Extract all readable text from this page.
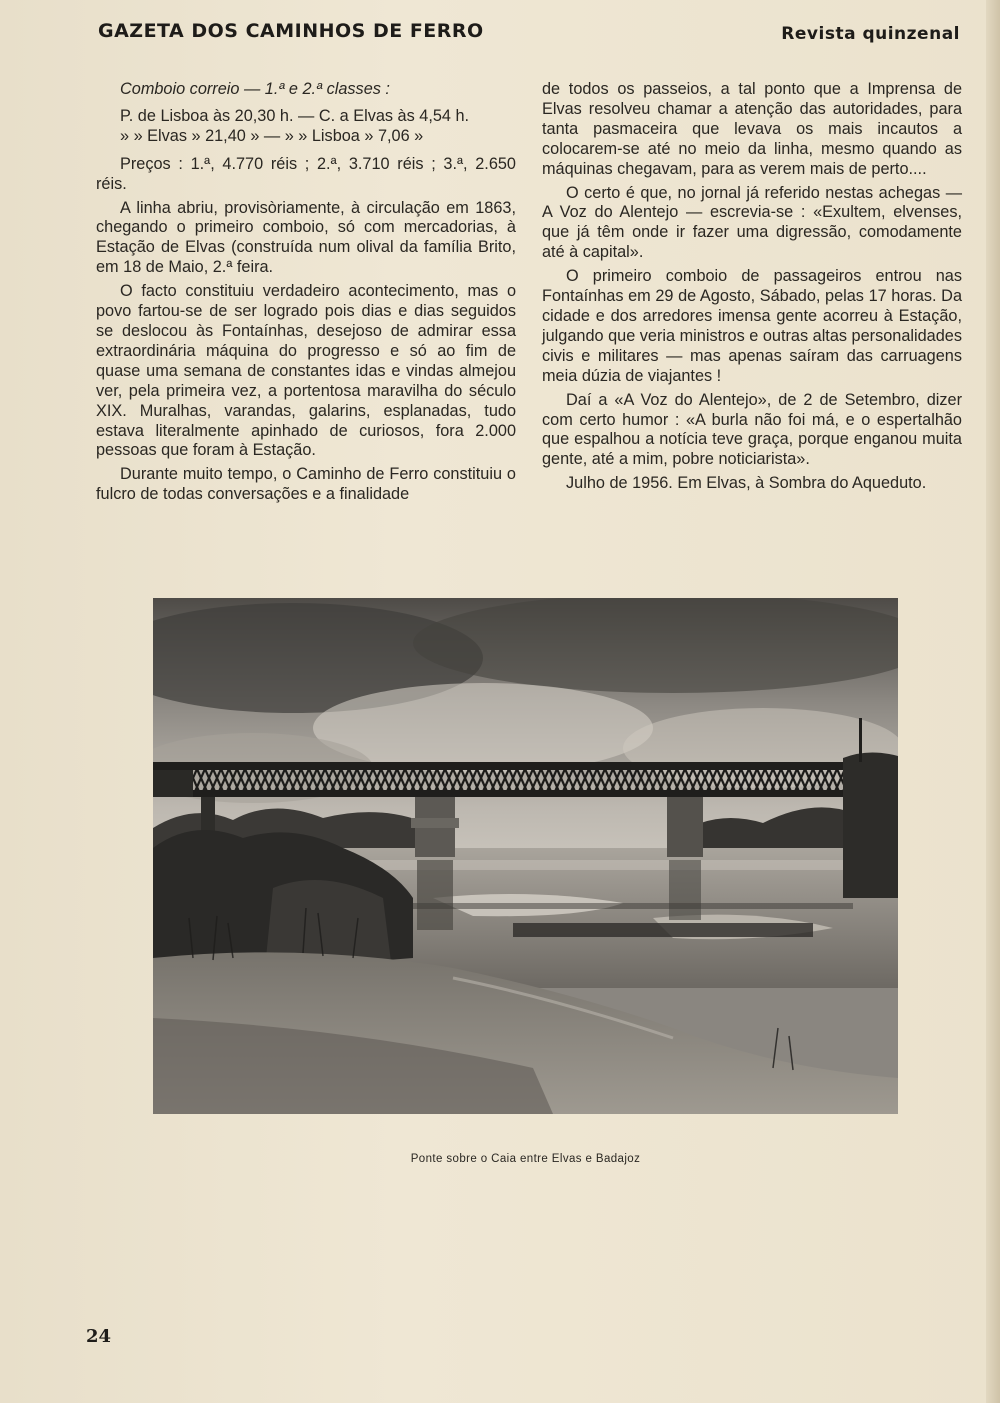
GAZETA DOS CAMINHOS DE FERRO	Revista quinzenal

Comboio correio — 1.ª e 2.ª classes :

P. de Lisboa às 20,30 h. — C. a Elvas às 4,54 h.
» » Elvas » 21,40 » — » » Lisboa » 7,06 »

Preços : 1.ª, 4.770 réis ; 2.ª, 3.710 réis ; 3.ª, 2.650 réis.

A linha abriu, provisòriamente, à circulação em 1863, chegando o primeiro comboio, só com mercadorias, à Estação de Elvas (construída num olival da família Brito, em 18 de Maio, 2.ª feira.

O facto constituiu verdadeiro acontecimento, mas o povo fartou-se de ser logrado pois dias e dias seguidos se deslocou às Fontaínhas, desejoso de admirar essa extraordinária máquina do progresso e só ao fim de quase uma semana de constantes idas e vindas almejou ver, pela primeira vez, a portentosa maravilha do século XIX. Muralhas, varandas, galarins, esplanadas, tudo estava literalmente apinhado de curiosos, fora 2.000 pessoas que foram à Estação.

Durante muito tempo, o Caminho de Ferro constituiu o fulcro de todas conversações e a finalidade

de todos os passeios, a tal ponto que a Imprensa de Elvas resolveu chamar a atenção das autoridades, para tanta pasmaceira que levava os mais incautos a colocarem-se até no meio da linha, mesmo quando as máquinas chegavam, para as verem mais de perto....

O certo é que, no jornal já referido nestas achegas — A Voz do Alentejo — escrevia-se : «Exultem, elvenses, que já têm onde ir fazer uma digressão, comodamente até à capital».

O primeiro comboio de passageiros entrou nas Fontaínhas em 29 de Agosto, Sábado, pelas 17 horas. Da cidade e dos arredores imensa gente acorreu à Estação, julgando que veria ministros e outras altas personalidades civis e militares — mas apenas saíram das carruagens meia dúzia de viajantes !

Daí a «A Voz do Alentejo», de 2 de Setembro, dizer com certo humor : «A burla não foi má, e o espertalhão que espalhou a notícia teve graça, porque enganou muita gente, até a mim, pobre noticiarista».

Julho de 1956. Em Elvas, à Sombra do Aqueduto.

Ponte sobre o Caia entre Elvas e Badajoz
24
